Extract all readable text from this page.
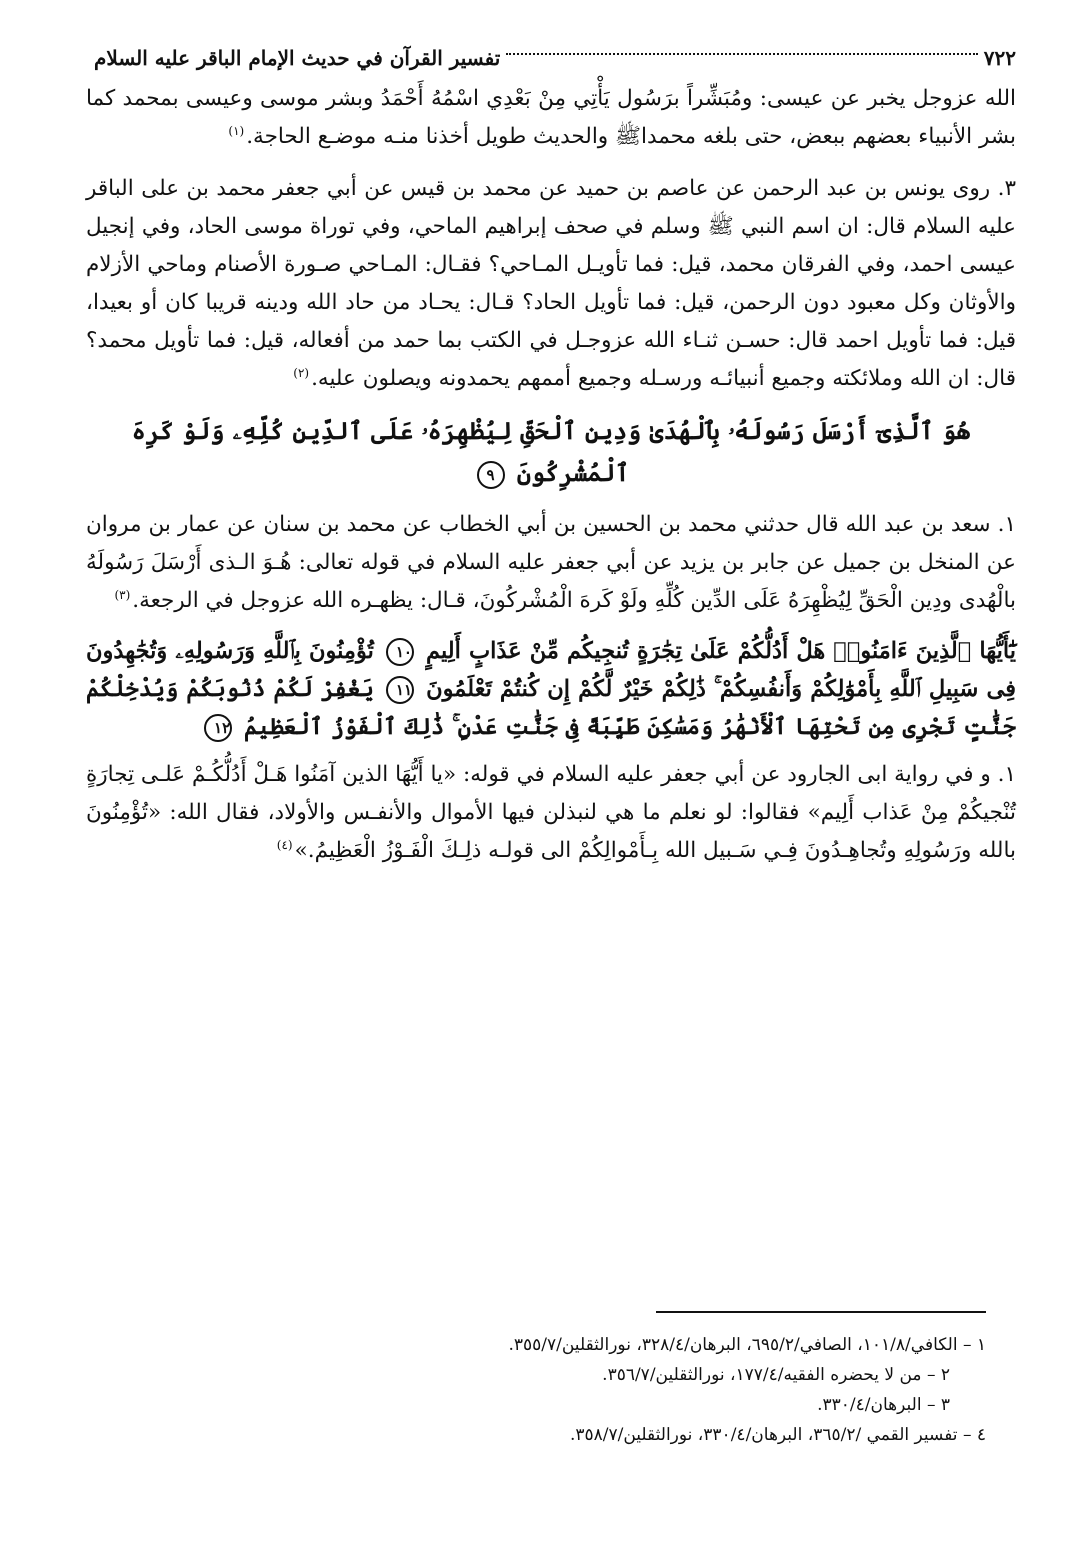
٧٢٢
تفسير القرآن في حديث الإمام الباقر عليه السلام

الله عزوجل يخبر عن عيسى: ومُبَشِّراً برَسُول يَأْتِي مِنْ بَعْدِي اسْمُهُ أَحْمَدُ وبشر موسى وعيسى بمحمد كما بشر الأنبياء بعضهم ببعض، حتى بلغه محمداﷺ والحديث طويل أخذنا منـه موضـع الحاجة.$^{(١)}$

٣. روى يونس بن عبد الرحمن عن عاصم بن حميد عن محمد بن قيس عن أبي جعفر محمد بن على الباقر عليه السلام قال: ان اسم النبي ﷺ وسلم في صحف إبراهيم الماحي، وفي توراة موسى الحاد، وفي إنجيل عيسى احمد، وفي الفرقان محمد، قيل: فما تأويـل المـاحي؟ فقـال: المـاحي صـورة الأصنام وماحي الأزلام والأوثان وكل معبود دون الرحمن، قيل: فما تأويل الحاد؟ قـال: يحـاد من حاد الله ودينه قريبا كان أو بعيدا، قيل: فما تأويل احمد قال: حسـن ثنـاء الله عزوجـل في الكتب بما حمد من أفعاله، قيل: فما تأويل محمد؟ قال: ان الله وملائكته وجميع أنبيائـه ورسـله وجميع أممهم يحمدونه ويصلون عليه.$^{(٢)}$

هُوَ ٱلَّذِىٓ أَرْسَلَ رَسُولَهُۥ بِٱلْهُدَىٰ وَدِينِ ٱلْحَقِّ لِيُظْهِرَهُۥ عَلَى ٱلدِّينِ كُلِّهِۦ وَلَوْ كَرِهَ ٱلْمُشْرِكُونَ ٩

١. سعد بن عبد الله قال حدثني محمد بن الحسين بن أبي الخطاب عن محمد بن سنان عن عمار بن مروان عن المنخل بن جميل عن جابر بن يزيد عن أبي جعفر عليه السلام في قوله تعالى: هُـوَ الـذى أَرْسَلَ رَسُولَهُ بالْهُدى ودِين الْحَقِّ لِيُظْهِرَهُ عَلَى الدِّين كُلِّهِ ولَوْ كَرهَ الْمُشْركُونَ، قـال: يظهـره الله عزوجل في الرجعة.$^{(٣)}$

يَٰٓأَيُّهَا ٱلَّذِينَ ءَامَنُوا۟ هَلْ أَدُلُّكُمْ عَلَىٰ تِجَٰرَةٍ تُنجِيكُم مِّنْ عَذَابٍ أَلِيمٍ ١٠ تُؤْمِنُونَ بِٱللَّهِ وَرَسُولِهِۦ وَتُجَٰهِدُونَ فِى سَبِيلِ ٱللَّهِ بِأَمْوَٰلِكُمْ وَأَنفُسِكُمْ ۚ ذَٰلِكُمْ خَيْرٌ لَّكُمْ إِن كُنتُمْ تَعْلَمُونَ ١١ يَغْفِرْ لَكُمْ ذُنُوبَكُمْ وَيُدْخِلْكُمْ جَنَّٰتٍ تَجْرِى مِن تَحْتِهَا ٱلْأَنْهَٰرُ وَمَسَٰكِنَ طَيِّبَةً فِى جَنَّٰتِ عَدْنٍ ۚ ذَٰلِكَ ٱلْفَوْزُ ٱلْعَظِيمُ ١٢

١. و في رواية ابى الجارود عن أبي جعفر عليه السلام في قوله: «يا أَيُّهَا الذين آمَنُوا هَـلْ أَدُلُّكُـمْ عَلـى تِجارَةٍ تُنْجيكُمْ مِنْ عَذاب أَلِيم» فقالوا: لو نعلم ما هي لنبذلن فيها الأموال والأنفـس والأولاد، فقال الله: «تُؤْمِنُونَ بالله ورَسُولِهِ وتُجاهِـدُونَ فِـي سَـبيل الله بِـأَمْوالِكُمْ الى قولـه ذلِـكَ الْفَـوْزُ الْعَظِيمُ.»$^{(٤)}$

١ – الكافي/١٠١/٨، الصافي/٦٩٥/٢، البرهان/٣٢٨/٤، نورالثقلين/٣٥٥/٧.

٢ – من لا يحضره الفقيه/١٧٧/٤، نورالثقلين/٣٥٦/٧.

٣ – البرهان/٣٣٠/٤.

٤ – تفسير القمي /٣٦٥/٢، البرهان/٣٣٠/٤، نورالثقلين/٣٥٨/٧.
